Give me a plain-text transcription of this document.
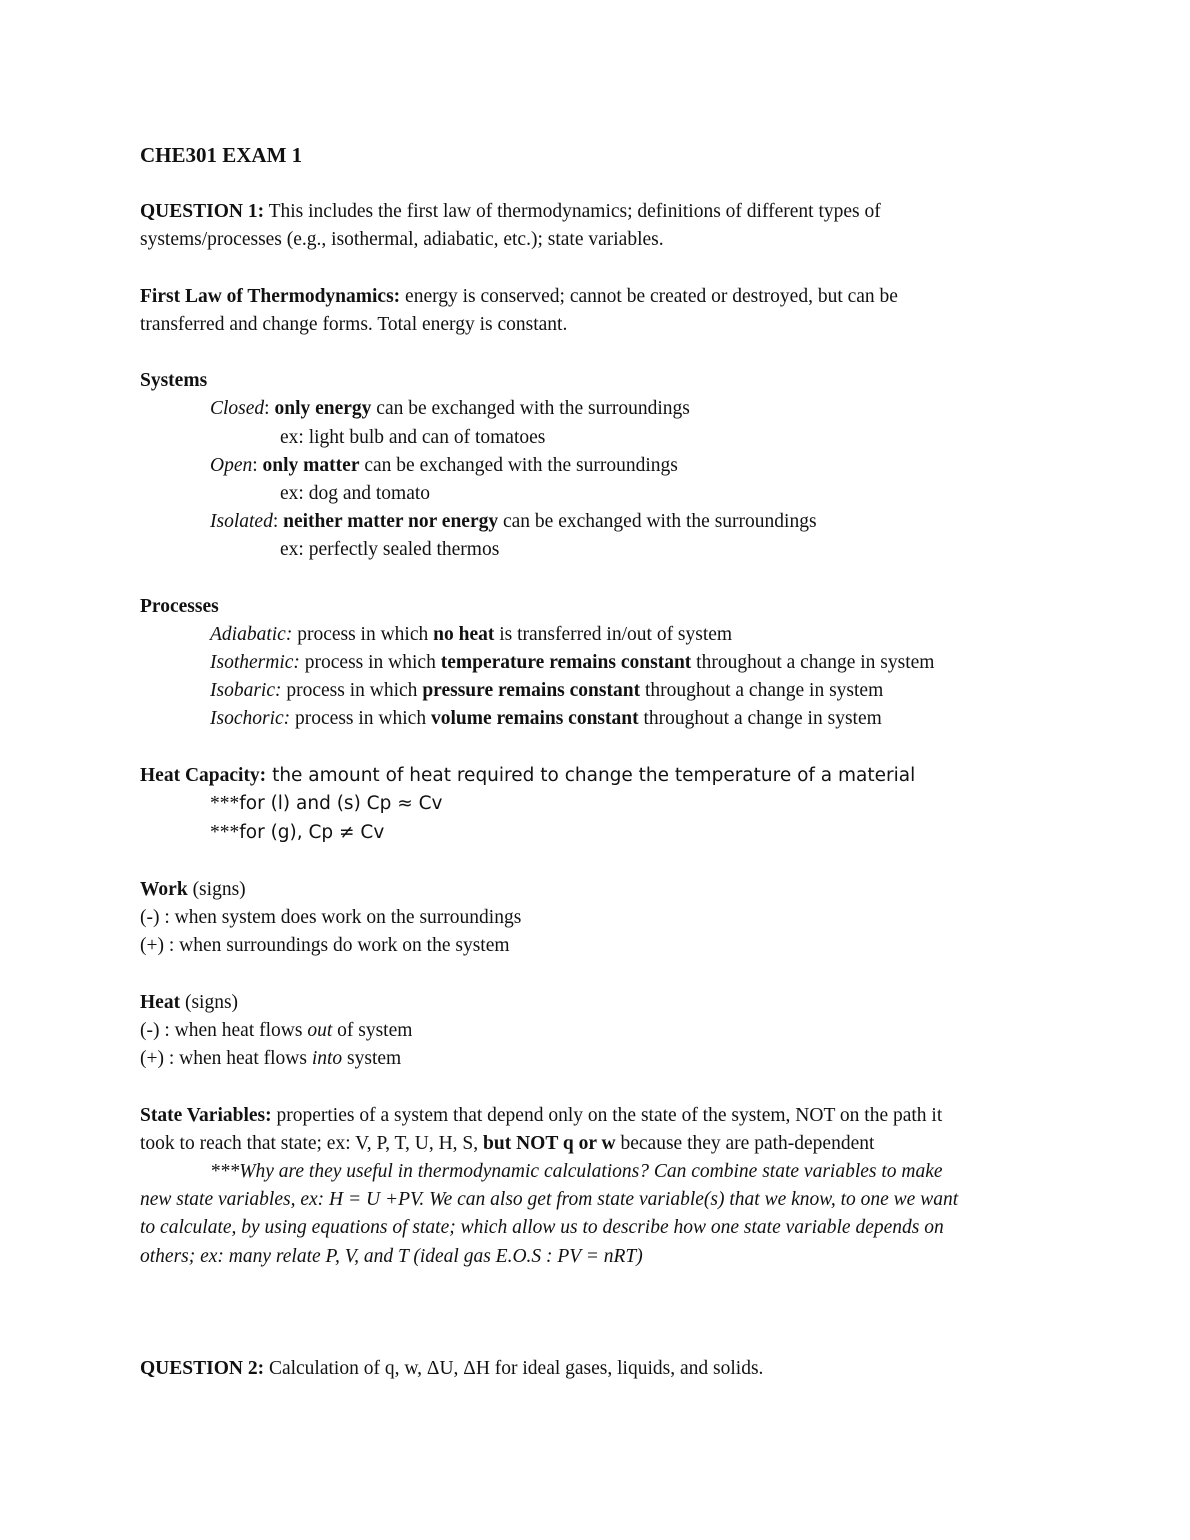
CHE301 EXAM 1
QUESTION 1: This includes the first law of thermodynamics; definitions of different types of
systems/processes (e.g., isothermal, adiabatic, etc.); state variables.
First Law of Thermodynamics: energy is conserved; cannot be created or destroyed, but can be
transferred and change forms. Total energy is constant.
Systems
Closed: only energy can be exchanged with the surroundings
ex: light bulb and can of tomatoes
Open: only matter can be exchanged with the surroundings
ex: dog and tomato
Isolated: neither matter nor energy can be exchanged with the surroundings
ex: perfectly sealed thermos
Processes
Adiabatic: process in which no heat is transferred in/out of system
Isothermic: process in which temperature remains constant throughout a change in system
Isobaric: process in which pressure remains constant throughout a change in system
Isochoric: process in which volume remains constant throughout a change in system
Heat Capacity: the amount of heat required to change the temperature of a material
***for (l) and (s) Cp ≈ Cv
***for (g), Cp ≠ Cv
Work (signs)
(-) : when system does work on the surroundings
(+) : when surroundings do work on the system
Heat (signs)
(-) : when heat flows out of system
(+) : when heat flows into system
State Variables: properties of a system that depend only on the state of the system, NOT on the path it
took to reach that state; ex: V, P, T, U, H, S, but NOT q or w because they are path-dependent
***Why are they useful in thermodynamic calculations? Can combine state variables to make
new state variables, ex: H = U +PV. We can also get from state variable(s) that we know, to one we want
to calculate, by using equations of state; which allow us to describe how one state variable depends on
others; ex: many relate P, V, and T (ideal gas E.O.S : PV = nRT)
QUESTION 2: Calculation of q, w, ΔU, ΔH for ideal gases, liquids, and solids.
